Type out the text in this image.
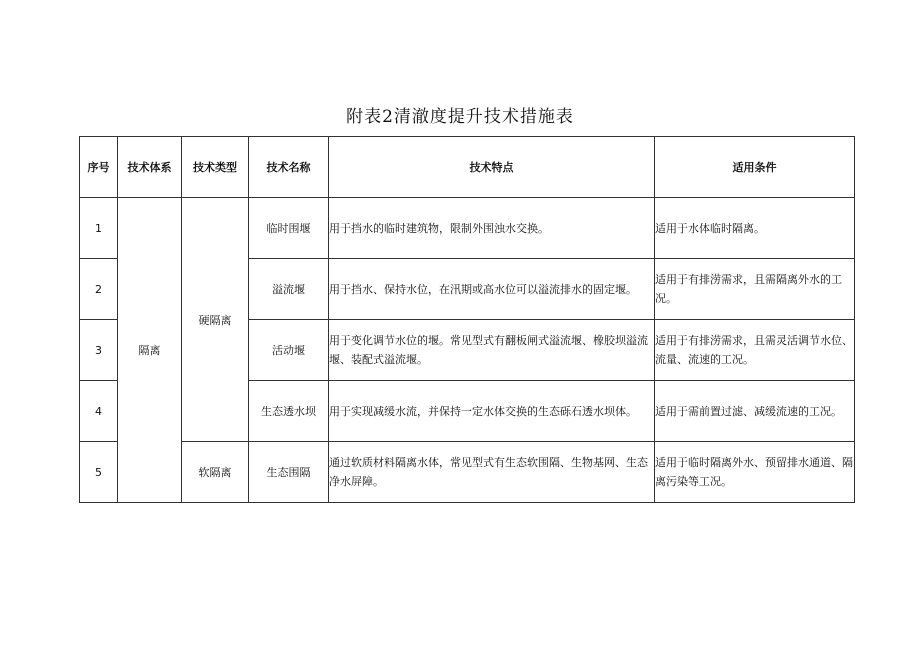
附表2清澈度提升技术措施表
序号	技术体系	技术类型	技术名称	技术特点	适用条件
1	隔离	硬隔离	临时围堰	用于挡水的临时建筑物，限制外围浊水交换。	适用于水体临时隔离。
2			溢流堰	用于挡水、保持水位，在汛期或高水位可以溢流排水的固定堰。	适用于有排涝需求，且需隔离外水的工况。
3			活动堰	用于变化调节水位的堰。常见型式有翻板闸式溢流堰、橡胶坝溢流堰、装配式溢流堰。	适用于有排涝需求，且需灵活调节水位、流量、流速的工况。
4			生态透水坝	用于实现减缓水流，并保持一定水体交换的生态砾石透水坝体。	适用于需前置过滤、减缓流速的工况。
5		软隔离	生态围隔	通过软质材料隔离水体，常见型式有生态软围隔、生物基网、生态净水屏障。	适用于临时隔离外水、预留排水通道、隔离污染等工况。
